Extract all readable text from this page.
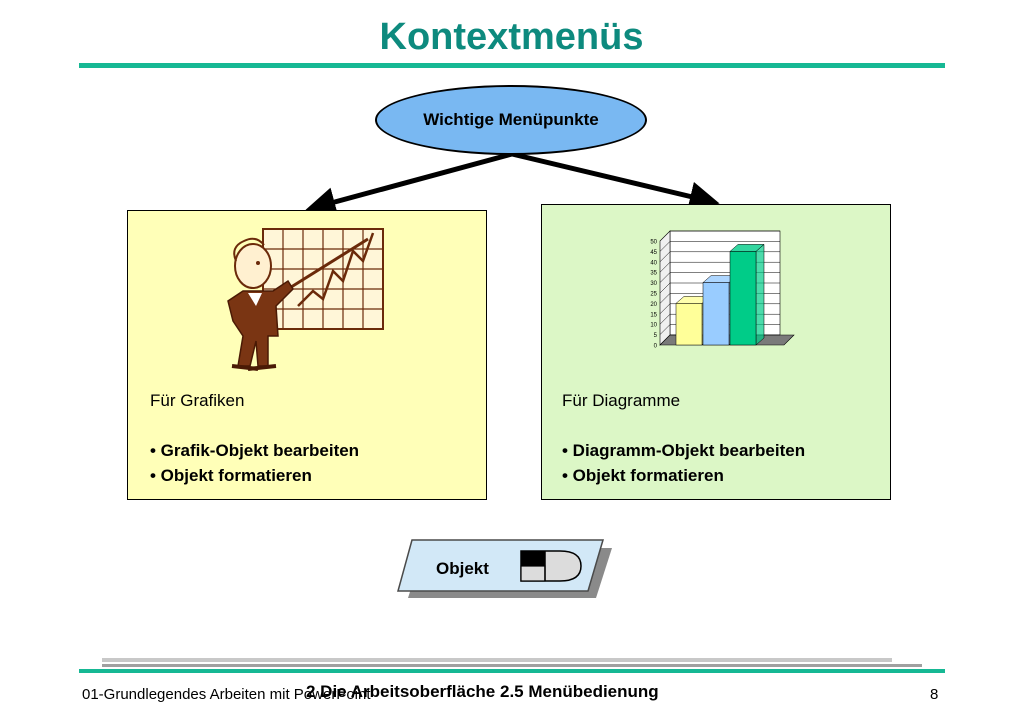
Kontextmenüs
Wichtige Menüpunkte
Für Grafiken
• Grafik-Objekt bearbeiten
• Objekt formatieren
0
5
10
15
20
25
30
35
40
45
50
Für Diagramme
• Diagramm-Objekt bearbeiten
• Objekt formatieren
Objekt
01-Grundlegendes Arbeiten mit PowerPoint
2 Die Arbeitsoberfläche 2.5 Menübedienung	8
